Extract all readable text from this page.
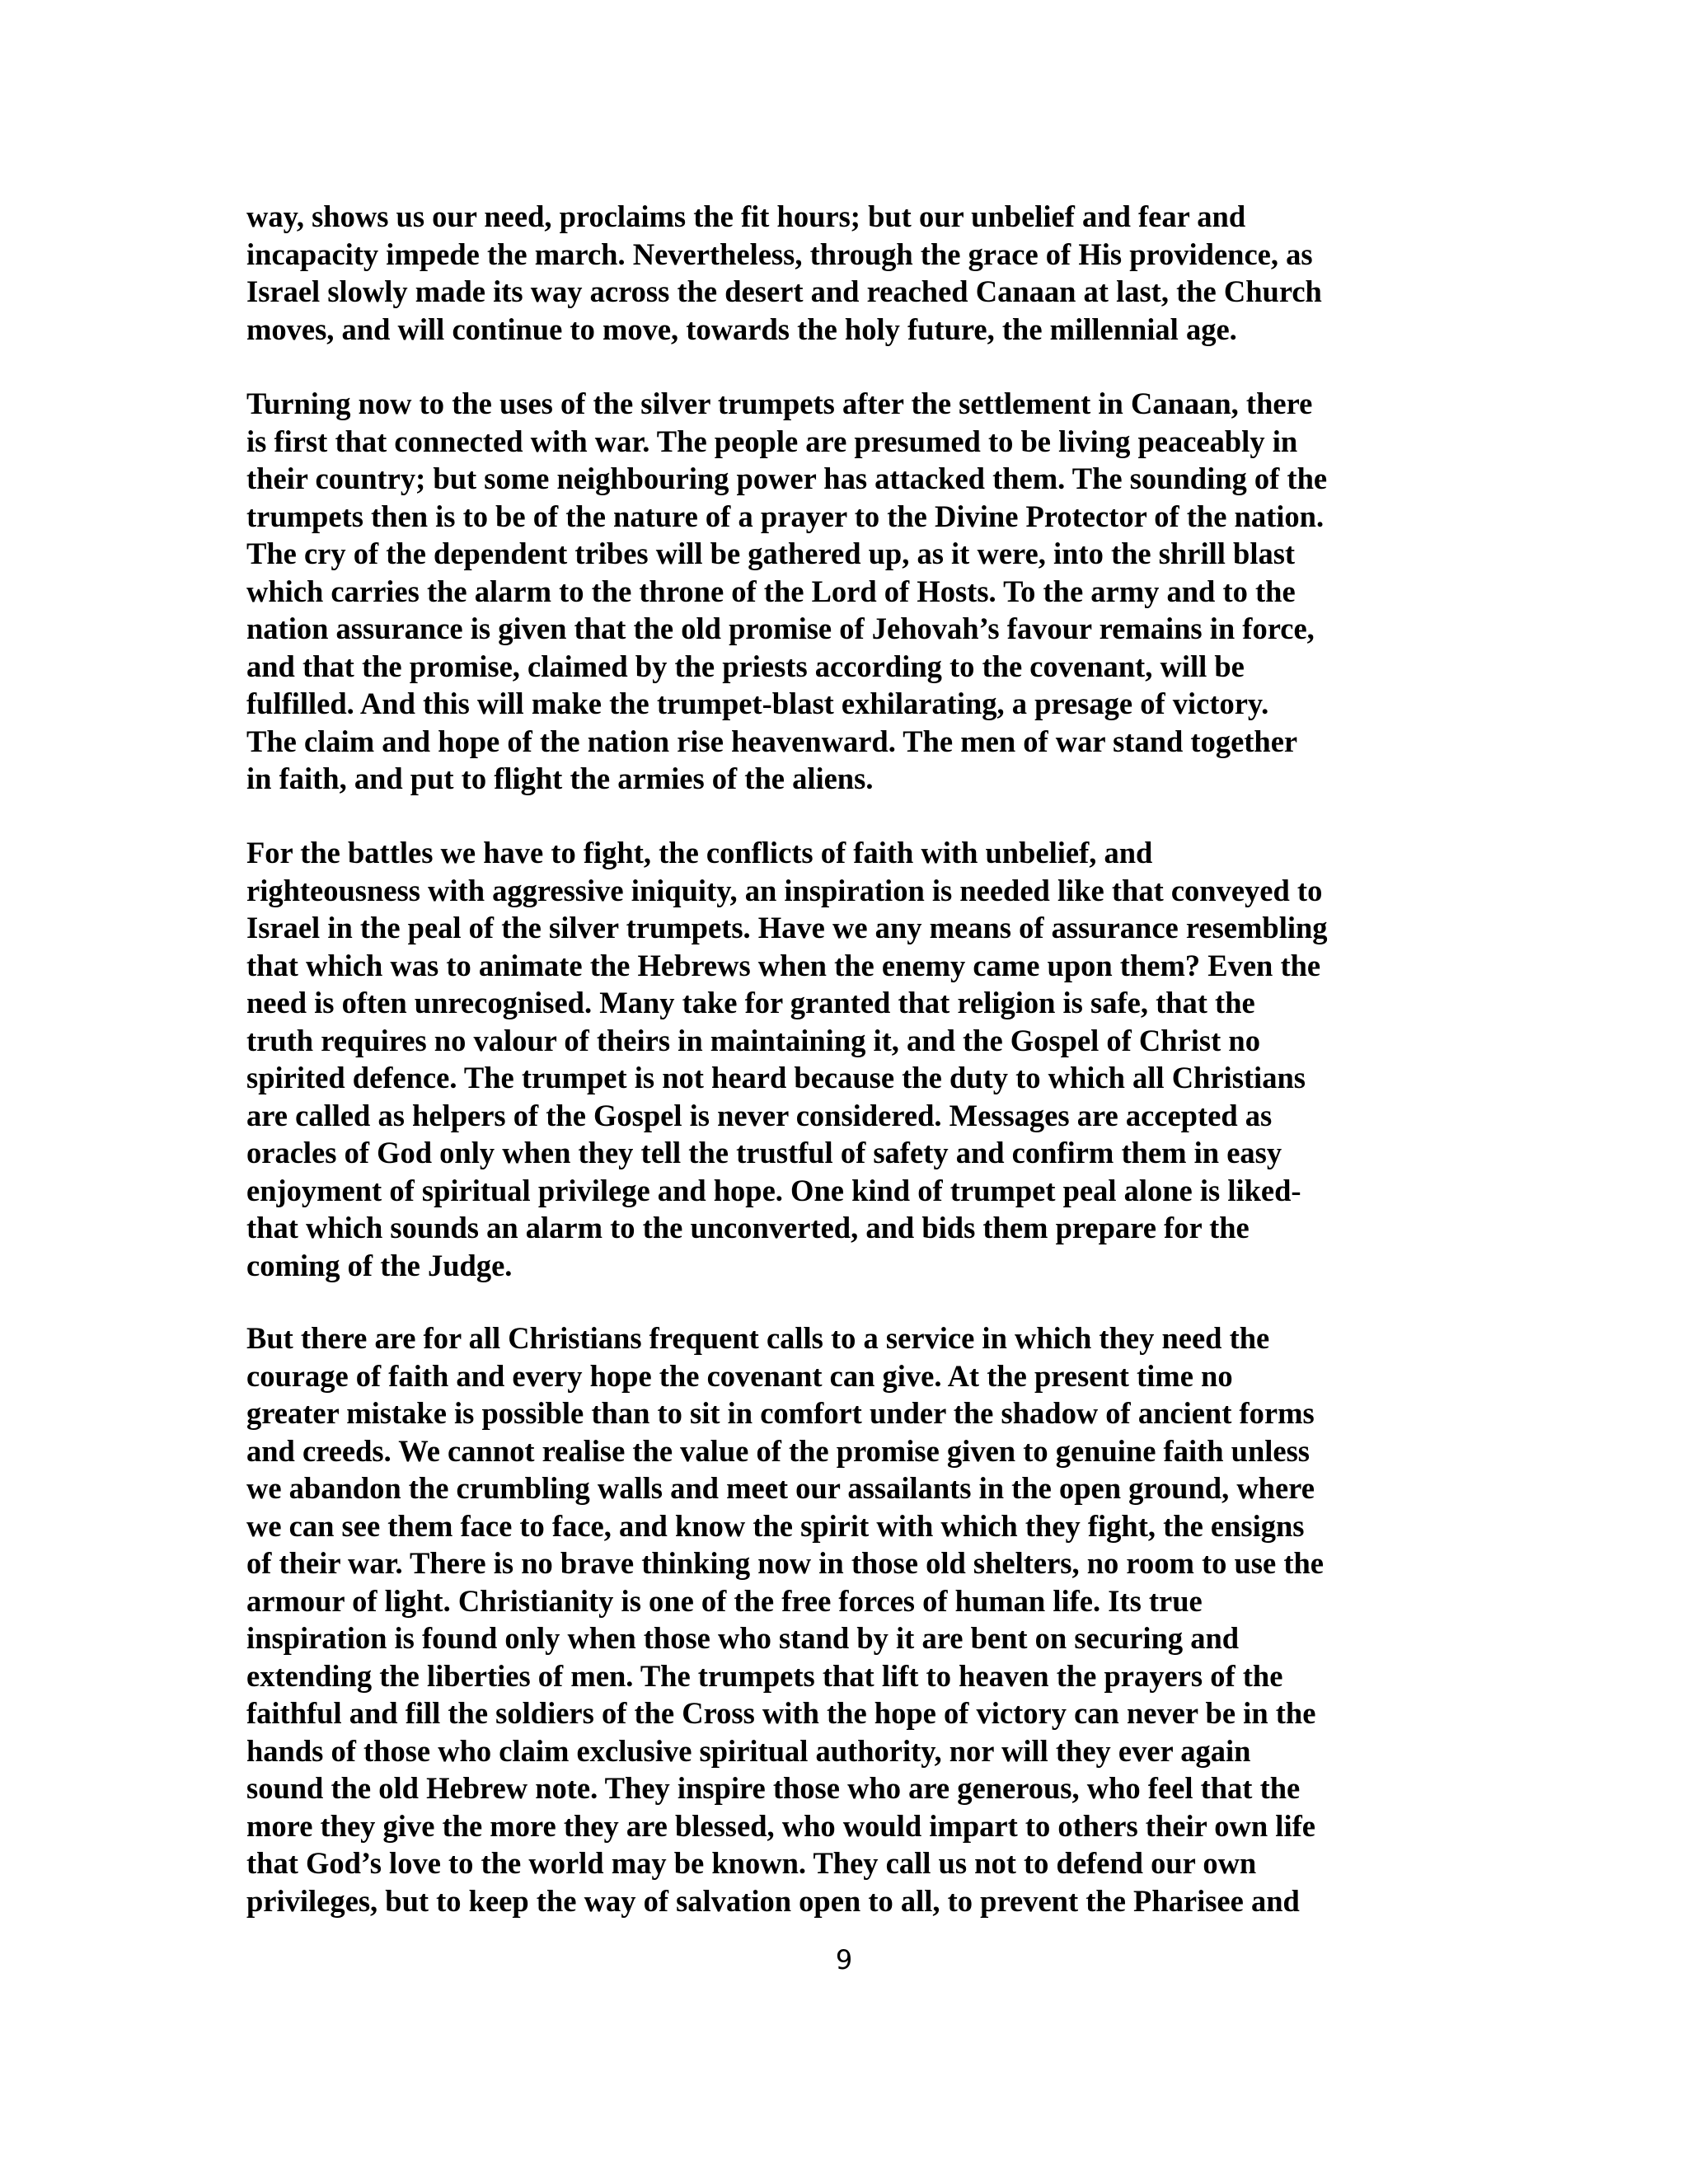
way, shows us our need, proclaims the fit hours; but our unbelief and fear and
incapacity impede the march. Nevertheless, through the grace of His providence, as
Israel slowly made its way across the desert and reached Canaan at last, the Church
moves, and will continue to move, towards the holy future, the millennial age.
Turning now to the uses of the silver trumpets after the settlement in Canaan, there
is first that connected with war. The people are presumed to be living peaceably in
their country; but some neighbouring power has attacked them. The sounding of the
trumpets then is to be of the nature of a prayer to the Divine Protector of the nation.
The cry of the dependent tribes will be gathered up, as it were, into the shrill blast
which carries the alarm to the throne of the Lord of Hosts. To the army and to the
nation assurance is given that the old promise of Jehovah’s favour remains in force,
and that the promise, claimed by the priests according to the covenant, will be
fulfilled. And this will make the trumpet-blast exhilarating, a presage of victory.
The claim and hope of the nation rise heavenward. The men of war stand together
in faith, and put to flight the armies of the aliens.
For the battles we have to fight, the conflicts of faith with unbelief, and
righteousness with aggressive iniquity, an inspiration is needed like that conveyed to
Israel in the peal of the silver trumpets. Have we any means of assurance resembling
that which was to animate the Hebrews when the enemy came upon them? Even the
need is often unrecognised. Many take for granted that religion is safe, that the
truth requires no valour of theirs in maintaining it, and the Gospel of Christ no
spirited defence. The trumpet is not heard because the duty to which all Christians
are called as helpers of the Gospel is never considered. Messages are accepted as
oracles of God only when they tell the trustful of safety and confirm them in easy
enjoyment of spiritual privilege and hope. One kind of trumpet peal alone is liked-
that which sounds an alarm to the unconverted, and bids them prepare for the
coming of the Judge.
But there are for all Christians frequent calls to a service in which they need the
courage of faith and every hope the covenant can give. At the present time no
greater mistake is possible than to sit in comfort under the shadow of ancient forms
and creeds. We cannot realise the value of the promise given to genuine faith unless
we abandon the crumbling walls and meet our assailants in the open ground, where
we can see them face to face, and know the spirit with which they fight, the ensigns
of their war. There is no brave thinking now in those old shelters, no room to use the
armour of light. Christianity is one of the free forces of human life. Its true
inspiration is found only when those who stand by it are bent on securing and
extending the liberties of men. The trumpets that lift to heaven the prayers of the
faithful and fill the soldiers of the Cross with the hope of victory can never be in the
hands of those who claim exclusive spiritual authority, nor will they ever again
sound the old Hebrew note. They inspire those who are generous, who feel that the
more they give the more they are blessed, who would impart to others their own life
that God’s love to the world may be known. They call us not to defend our own
privileges, but to keep the way of salvation open to all, to prevent the Pharisee and
9
